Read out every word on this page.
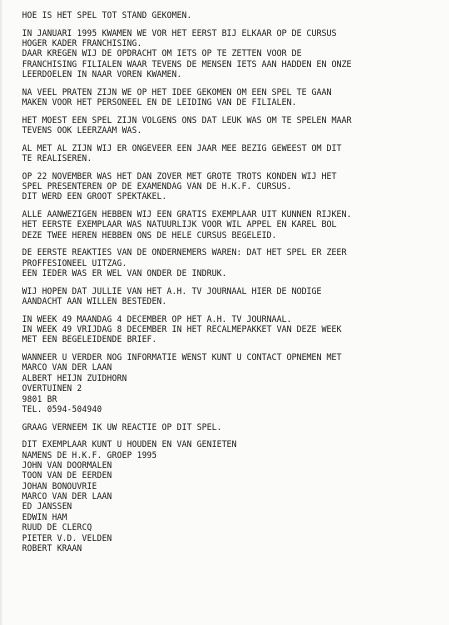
HOE IS HET SPEL TOT STAND GEKOMEN.
IN JANUARI 1995 KWAMEN WE VOR HET EERST BIJ ELKAAR OP DE CURSUS
HOGER KADER FRANCHISING.
DAAR KREGEN WIJ DE OPDRACHT OM IETS OP TE ZETTEN VOOR DE
FRANCHISING FILIALEN WAAR TEVENS DE MENSEN IETS AAN HADDEN EN ONZE
LEERDOELEN IN NAAR VOREN KWAMEN.
NA VEEL PRATEN ZIJN WE OP HET IDEE GEKOMEN OM EEN SPEL TE GAAN
MAKEN VOOR HET PERSONEEL EN DE LEIDING VAN DE FILIALEN.
HET MOEST EEN SPEL ZIJN VOLGENS ONS DAT LEUK WAS OM TE SPELEN MAAR
TEVENS OOK LEERZAAM WAS.
AL MET AL ZIJN WIJ ER ONGEVEER EEN JAAR MEE BEZIG GEWEEST OM DIT
TE REALISEREN.
OP 22 NOVEMBER WAS HET DAN ZOVER MET GROTE TROTS KONDEN WIJ HET
SPEL PRESENTEREN OP DE EXAMENDAG VAN DE H.K.F. CURSUS.
DIT WERD EEN GROOT SPEKTAKEL.
ALLE AANWEZIGEN HEBBEN WIJ EEN GRATIS EXEMPLAAR UIT KUNNEN RIJKEN.
HET EERSTE EXEMPLAAR WAS NATUURLIJK VOOR WIL APPEL EN KAREL BOL
DEZE TWEE HEREN HEBBEN ONS DE HELE CURSUS BEGELEID.
DE EERSTE REAKTIES VAN DE ONDERNEMERS WAREN: DAT HET SPEL ER ZEER
PROFFESIONEEL UITZAG.
EEN IEDER WAS ER WEL VAN ONDER DE INDRUK.
WIJ HOPEN DAT JULLIE VAN HET A.H. TV JOURNAAL HIER DE NODIGE
AANDACHT AAN WILLEN BESTEDEN.
IN WEEK 49 MAANDAG 4 DECEMBER OP HET A.H. TV JOURNAAL.
IN WEEK 49 VRIJDAG 8 DECEMBER IN HET RECALMEPAKKET VAN DEZE WEEK
MET EEN BEGELEIDENDE BRIEF.
WANNEER U VERDER NOG INFORMATIE WENST KUNT U CONTACT OPNEMEN MET
MARCO VAN DER LAAN
ALBERT HEIJN ZUIDHORN
OVERTUINEN 2
9801 BR
TEL. 0594-504940
GRAAG VERNEEM IK UW REACTIE OP DIT SPEL.
DIT EXEMPLAAR KUNT U HOUDEN EN VAN GENIETEN
NAMENS DE H.K.F. GROEP 1995
JOHN VAN DOORMALEN
TOON VAN DE EERDEN
JOHAN BONOUVRIE
MARCO VAN DER LAAN
ED JANSSEN
EDWIN HAM
RUUD DE CLERCQ
PIETER V.D. VELDEN
ROBERT KRAAN
